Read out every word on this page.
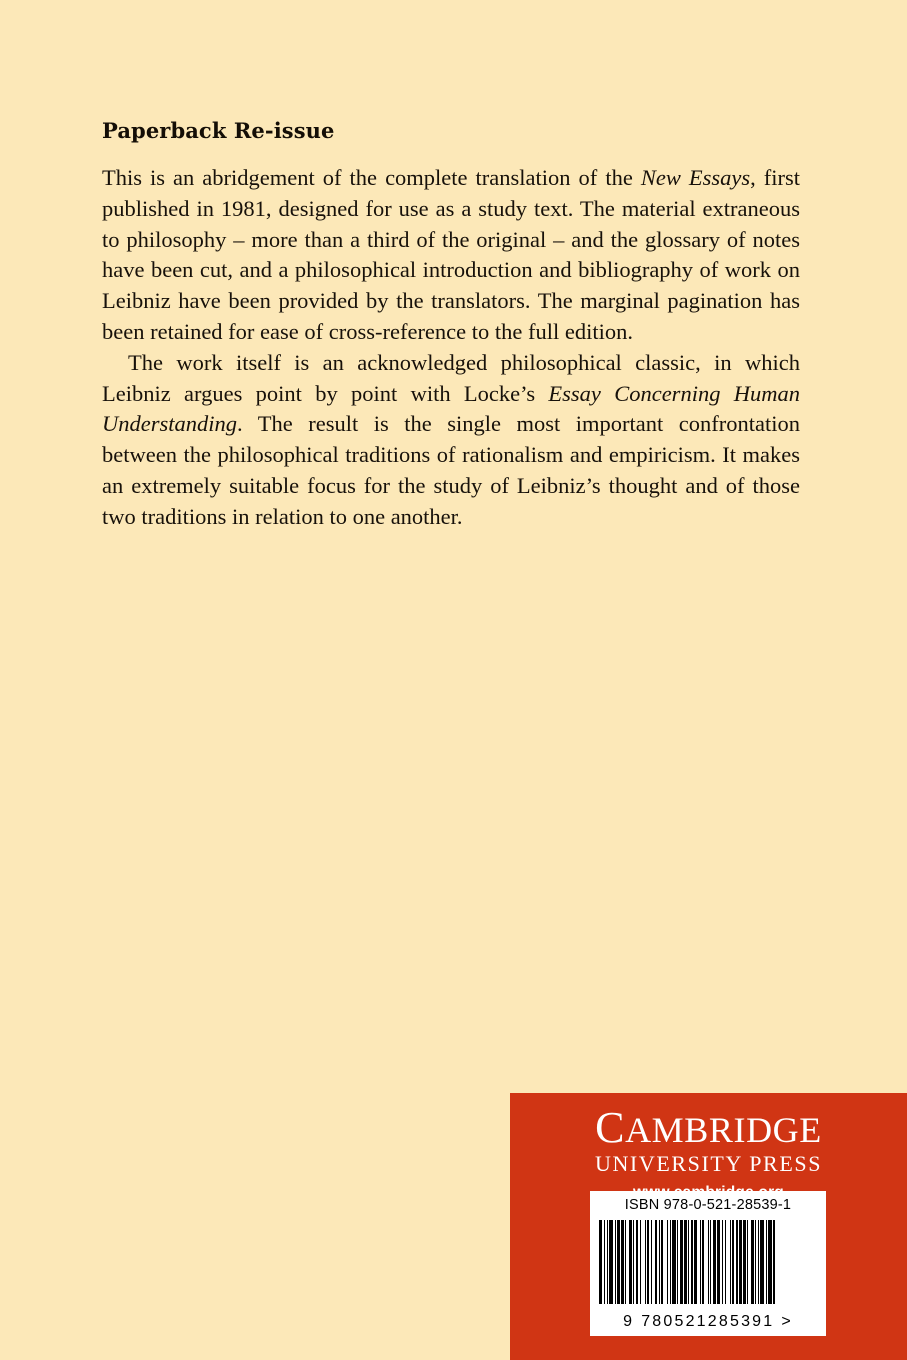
Paperback Re-issue

This is an abridgement of the complete translation of the New Essays, first published in 1981, designed for use as a study text. The material extraneous to philosophy – more than a third of the original – and the glossary of notes have been cut, and a philosophical introduction and bibliography of work on Leibniz have been provided by the translators. The marginal pagination has been retained for ease of cross-reference to the full edition.

The work itself is an acknowledged philosophical classic, in which Leibniz argues point by point with Locke’s Essay Concerning Human Understanding. The result is the single most important confrontation between the philosophical traditions of rationalism and empiricism. It makes an extremely suitable focus for the study of Leibniz’s thought and of those two traditions in relation to one another.

CAMBRIDGE
UNIVERSITY PRESS
ISBN 978-0-521-28539-1
9 780521 285391 >
